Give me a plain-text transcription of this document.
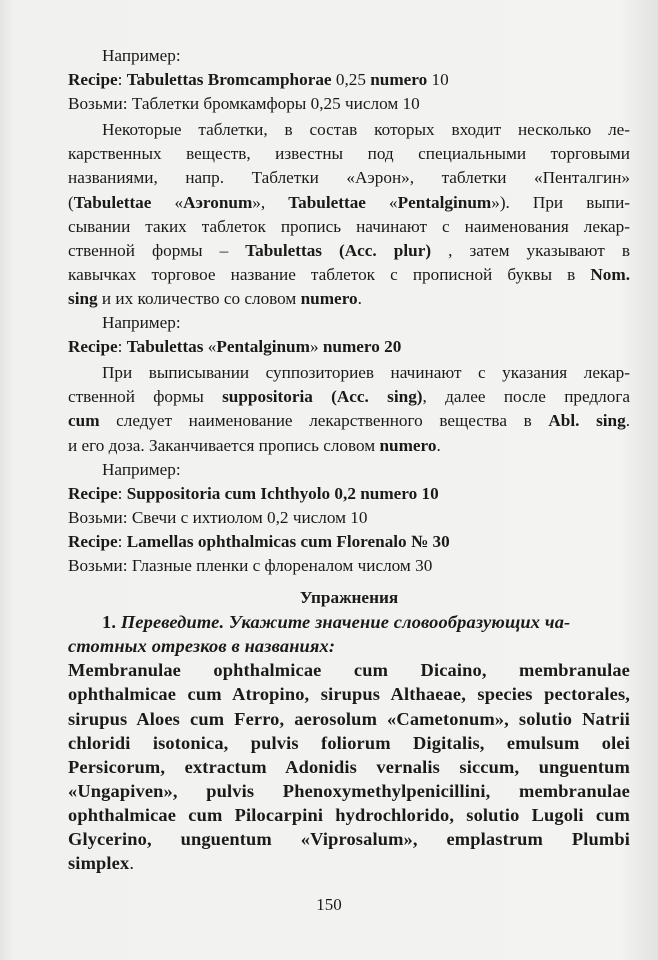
Например:
Recipe: Tabulettas Bromcamphorae 0,25 numero 10
Возьми: Таблетки бромкамфоры 0,25 числом 10
Некоторые таблетки, в состав которых входит несколько ле-
карственных веществ, известны под специальными торговыми
названиями, напр. Таблетки «Аэрон», таблетки «Пенталгин»
(Tabulettae «Аэronum», Tabulettae «Pentalginum»). При выпи-
сывании таких таблеток пропись начинают с наименования лекар-
ственной формы – Tabulettas (Acc. plur) , затем указывают в
кавычках торговое название таблеток с прописной буквы в Nom.
sing и их количество со словом numero.
Например:
Recipe: Tabulettas «Pentalginum» numero 20
При выписывании суппозиториев начинают с указания лекар-
ственной формы suppositoria (Acc. sing), далее после предлога
cum следует наименование лекарственного вещества в Abl. sing.
и его доза. Заканчивается пропись словом numero.
Например:
Recipe: Suppositoria cum Ichthyolo 0,2 numero 10
Возьми: Свечи с ихтиолом 0,2 числом 10
Recipe: Lamellas ophthalmicas cum Florenalo № 30
Возьми: Глазные пленки с флореналом числом 30
Упражнения
1. Переведите. Укажите значение словообразующих ча-
стотных отрезков в названиях:
Membranulae ophthalmicae cum Dicaino, membranulae
ophthalmicae cum Atropino, sirupus Althaeae, species pectorales,
sirupus Aloes cum Ferro, aerosolum «Cametonum», solutio Natrii
chloridi isotonica, pulvis foliorum Digitalis, emulsum olei
Persicorum, extractum Adonidis vernalis siccum, unguentum
«Ungapiven», pulvis Phenoxymethylpenicillini, membranulae
ophthalmicae cum Pilocarpini hydrochlorido, solutio Lugoli cum
Glycerino, unguentum «Viprosalum», emplastrum Plumbi
simplex.
150
